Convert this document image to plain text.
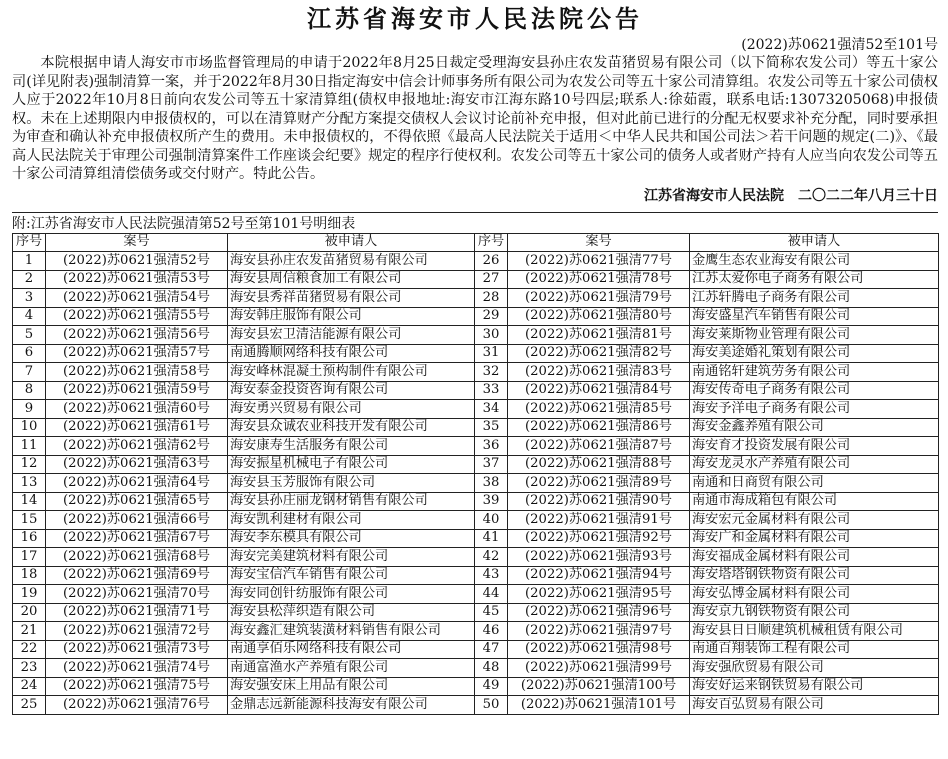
江苏省海安市人民法院公告
(2022)苏0621强清52至101号

本院根据申请人海安市市场监督管理局的申请于2022年8月25日裁定受理海安县孙庄农发苗猪贸易有限公司（以下简称农发公司）等五十家公司(详见附表)强制清算一案，并于2022年8月30日指定海安中信会计师事务所有限公司为农发公司等五十家公司清算组。农发公司等五十家公司债权人应于2022年10月8日前向农发公司等五十家清算组(债权申报地址:海安市江海东路10号四层;联系人:徐茹霞，联系电话:13073205068)申报债权。未在上述期限内申报债权的，可以在清算财产分配方案提交债权人会议讨论前补充申报，但对此前已进行的分配无权要求补充分配，同时要承担为审查和确认补充申报债权所产生的费用。未申报债权的，不得依照《最高人民法院关于适用＜中华人民共和国公司法＞若干问题的规定(二)》、《最高人民法院关于审理公司强制清算案件工作座谈会纪要》规定的程序行使权利。农发公司等五十家公司的债务人或者财产持有人应当向农发公司等五十家公司清算组清偿债务或交付财产。特此公告。

江苏省海安市人民法院　二〇二二年八月三十日
附:江苏省海安市人民法院强清第52号至第101号明细表
序号	案号	被申请人	序号	案号	被申请人
1	(2022)苏0621强清52号	海安县孙庄农发苗猪贸易有限公司	26	(2022)苏0621强清77号	金鹰生态农业海安有限公司
2	(2022)苏0621强清53号	海安县周信粮食加工有限公司	27	(2022)苏0621强清78号	江苏太爱你电子商务有限公司
3	(2022)苏0621强清54号	海安县秀祥苗猪贸易有限公司	28	(2022)苏0621强清79号	江苏轩腾电子商务有限公司
4	(2022)苏0621强清55号	海安韩庄服饰有限公司	29	(2022)苏0621强清80号	海安盛星汽车销售有限公司
5	(2022)苏0621强清56号	海安县宏卫清洁能源有限公司	30	(2022)苏0621强清81号	海安莱斯物业管理有限公司
6	(2022)苏0621强清57号	南通腾顺网络科技有限公司	31	(2022)苏0621强清82号	海安美途婚礼策划有限公司
7	(2022)苏0621强清58号	海安峰林混凝土预构制件有限公司	32	(2022)苏0621强清83号	南通铭轩建筑劳务有限公司
8	(2022)苏0621强清59号	海安泰金投资咨询有限公司	33	(2022)苏0621强清84号	海安传奇电子商务有限公司
9	(2022)苏0621强清60号	海安勇兴贸易有限公司	34	(2022)苏0621强清85号	海安予洋电子商务有限公司
10	(2022)苏0621强清61号	海安县众诚农业科技开发有限公司	35	(2022)苏0621强清86号	海安金鑫养殖有限公司
11	(2022)苏0621强清62号	海安康寿生活服务有限公司	36	(2022)苏0621强清87号	海安育才投资发展有限公司
12	(2022)苏0621强清63号	海安振星机械电子有限公司	37	(2022)苏0621强清88号	海安龙灵水产养殖有限公司
13	(2022)苏0621强清64号	海安县玉芳服饰有限公司	38	(2022)苏0621强清89号	南通和日商贸有限公司
14	(2022)苏0621强清65号	海安县孙庄丽龙钢材销售有限公司	39	(2022)苏0621强清90号	南通市海成箱包有限公司
15	(2022)苏0621强清66号	海安凯利建材有限公司	40	(2022)苏0621强清91号	海安宏元金属材料有限公司
16	(2022)苏0621强清67号	海安李东模具有限公司	41	(2022)苏0621强清92号	海安广和金属材料有限公司
17	(2022)苏0621强清68号	海安完美建筑材料有限公司	42	(2022)苏0621强清93号	海安福成金属材料有限公司
18	(2022)苏0621强清69号	海安宝信汽车销售有限公司	43	(2022)苏0621强清94号	海安塔塔钢铁物资有限公司
19	(2022)苏0621强清70号	海安同创针纺服饰有限公司	44	(2022)苏0621强清95号	海安弘博金属材料有限公司
20	(2022)苏0621强清71号	海安县松萍织造有限公司	45	(2022)苏0621强清96号	海安京九钢铁物资有限公司
21	(2022)苏0621强清72号	海安鑫汇建筑装潢材料销售有限公司	46	(2022)苏0621强清97号	海安县日日顺建筑机械租赁有限公司
22	(2022)苏0621强清73号	南通享佰乐网络科技有限公司	47	(2022)苏0621强清98号	南通百翔装饰工程有限公司
23	(2022)苏0621强清74号	南通富渔水产养殖有限公司	48	(2022)苏0621强清99号	海安强欣贸易有限公司
24	(2022)苏0621强清75号	海安强安床上用品有限公司	49	(2022)苏0621强清100号	海安好运来钢铁贸易有限公司
25	(2022)苏0621强清76号	金鼎志远新能源科技海安有限公司	50	(2022)苏0621强清101号	海安百弘贸易有限公司
